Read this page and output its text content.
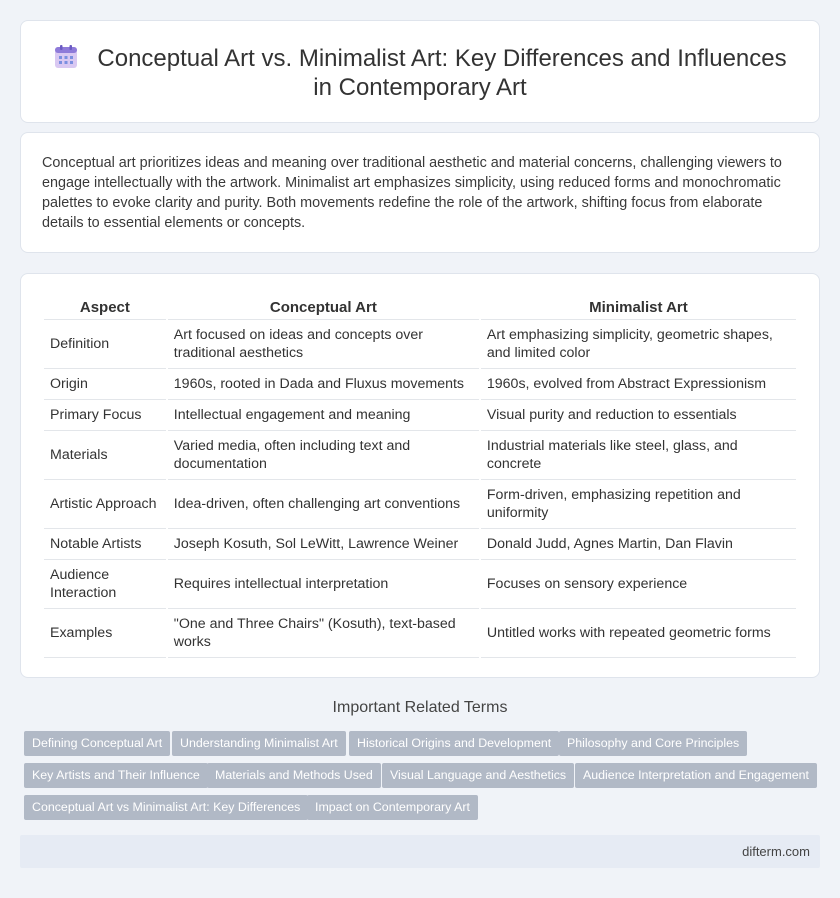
Conceptual Art vs. Minimalist Art: Key Differences and Influences in Contemporary Art

Conceptual art prioritizes ideas and meaning over traditional aesthetic and material concerns, challenging viewers to engage intellectually with the artwork. Minimalist art emphasizes simplicity, using reduced forms and monochromatic palettes to evoke clarity and purity. Both movements redefine the role of the artwork, shifting focus from elaborate details to essential elements or concepts.

Aspect	Conceptual Art	Minimalist Art
Definition	Art focused on ideas and concepts over traditional aesthetics	Art emphasizing simplicity, geometric shapes, and limited color
Origin	1960s, rooted in Dada and Fluxus movements	1960s, evolved from Abstract Expressionism
Primary Focus	Intellectual engagement and meaning	Visual purity and reduction to essentials
Materials	Varied media, often including text and documentation	Industrial materials like steel, glass, and concrete
Artistic Approach	Idea-driven, often challenging art conventions	Form-driven, emphasizing repetition and uniformity
Notable Artists	Joseph Kosuth, Sol LeWitt, Lawrence Weiner	Donald Judd, Agnes Martin, Dan Flavin
Audience Interaction	Requires intellectual interpretation	Focuses on sensory experience
Examples	"One and Three Chairs" (Kosuth), text-based works	Untitled works with repeated geometric forms
Important Related Terms
Defining Conceptual Art	Understanding Minimalist Art	Historical Origins and Development	Philosophy and Core Principles
Key Artists and Their Influence	Materials and Methods Used	Visual Language and Aesthetics	Audience Interpretation and Engagement
Conceptual Art vs Minimalist Art: Key Differences	Impact on Contemporary Art
difterm.com
